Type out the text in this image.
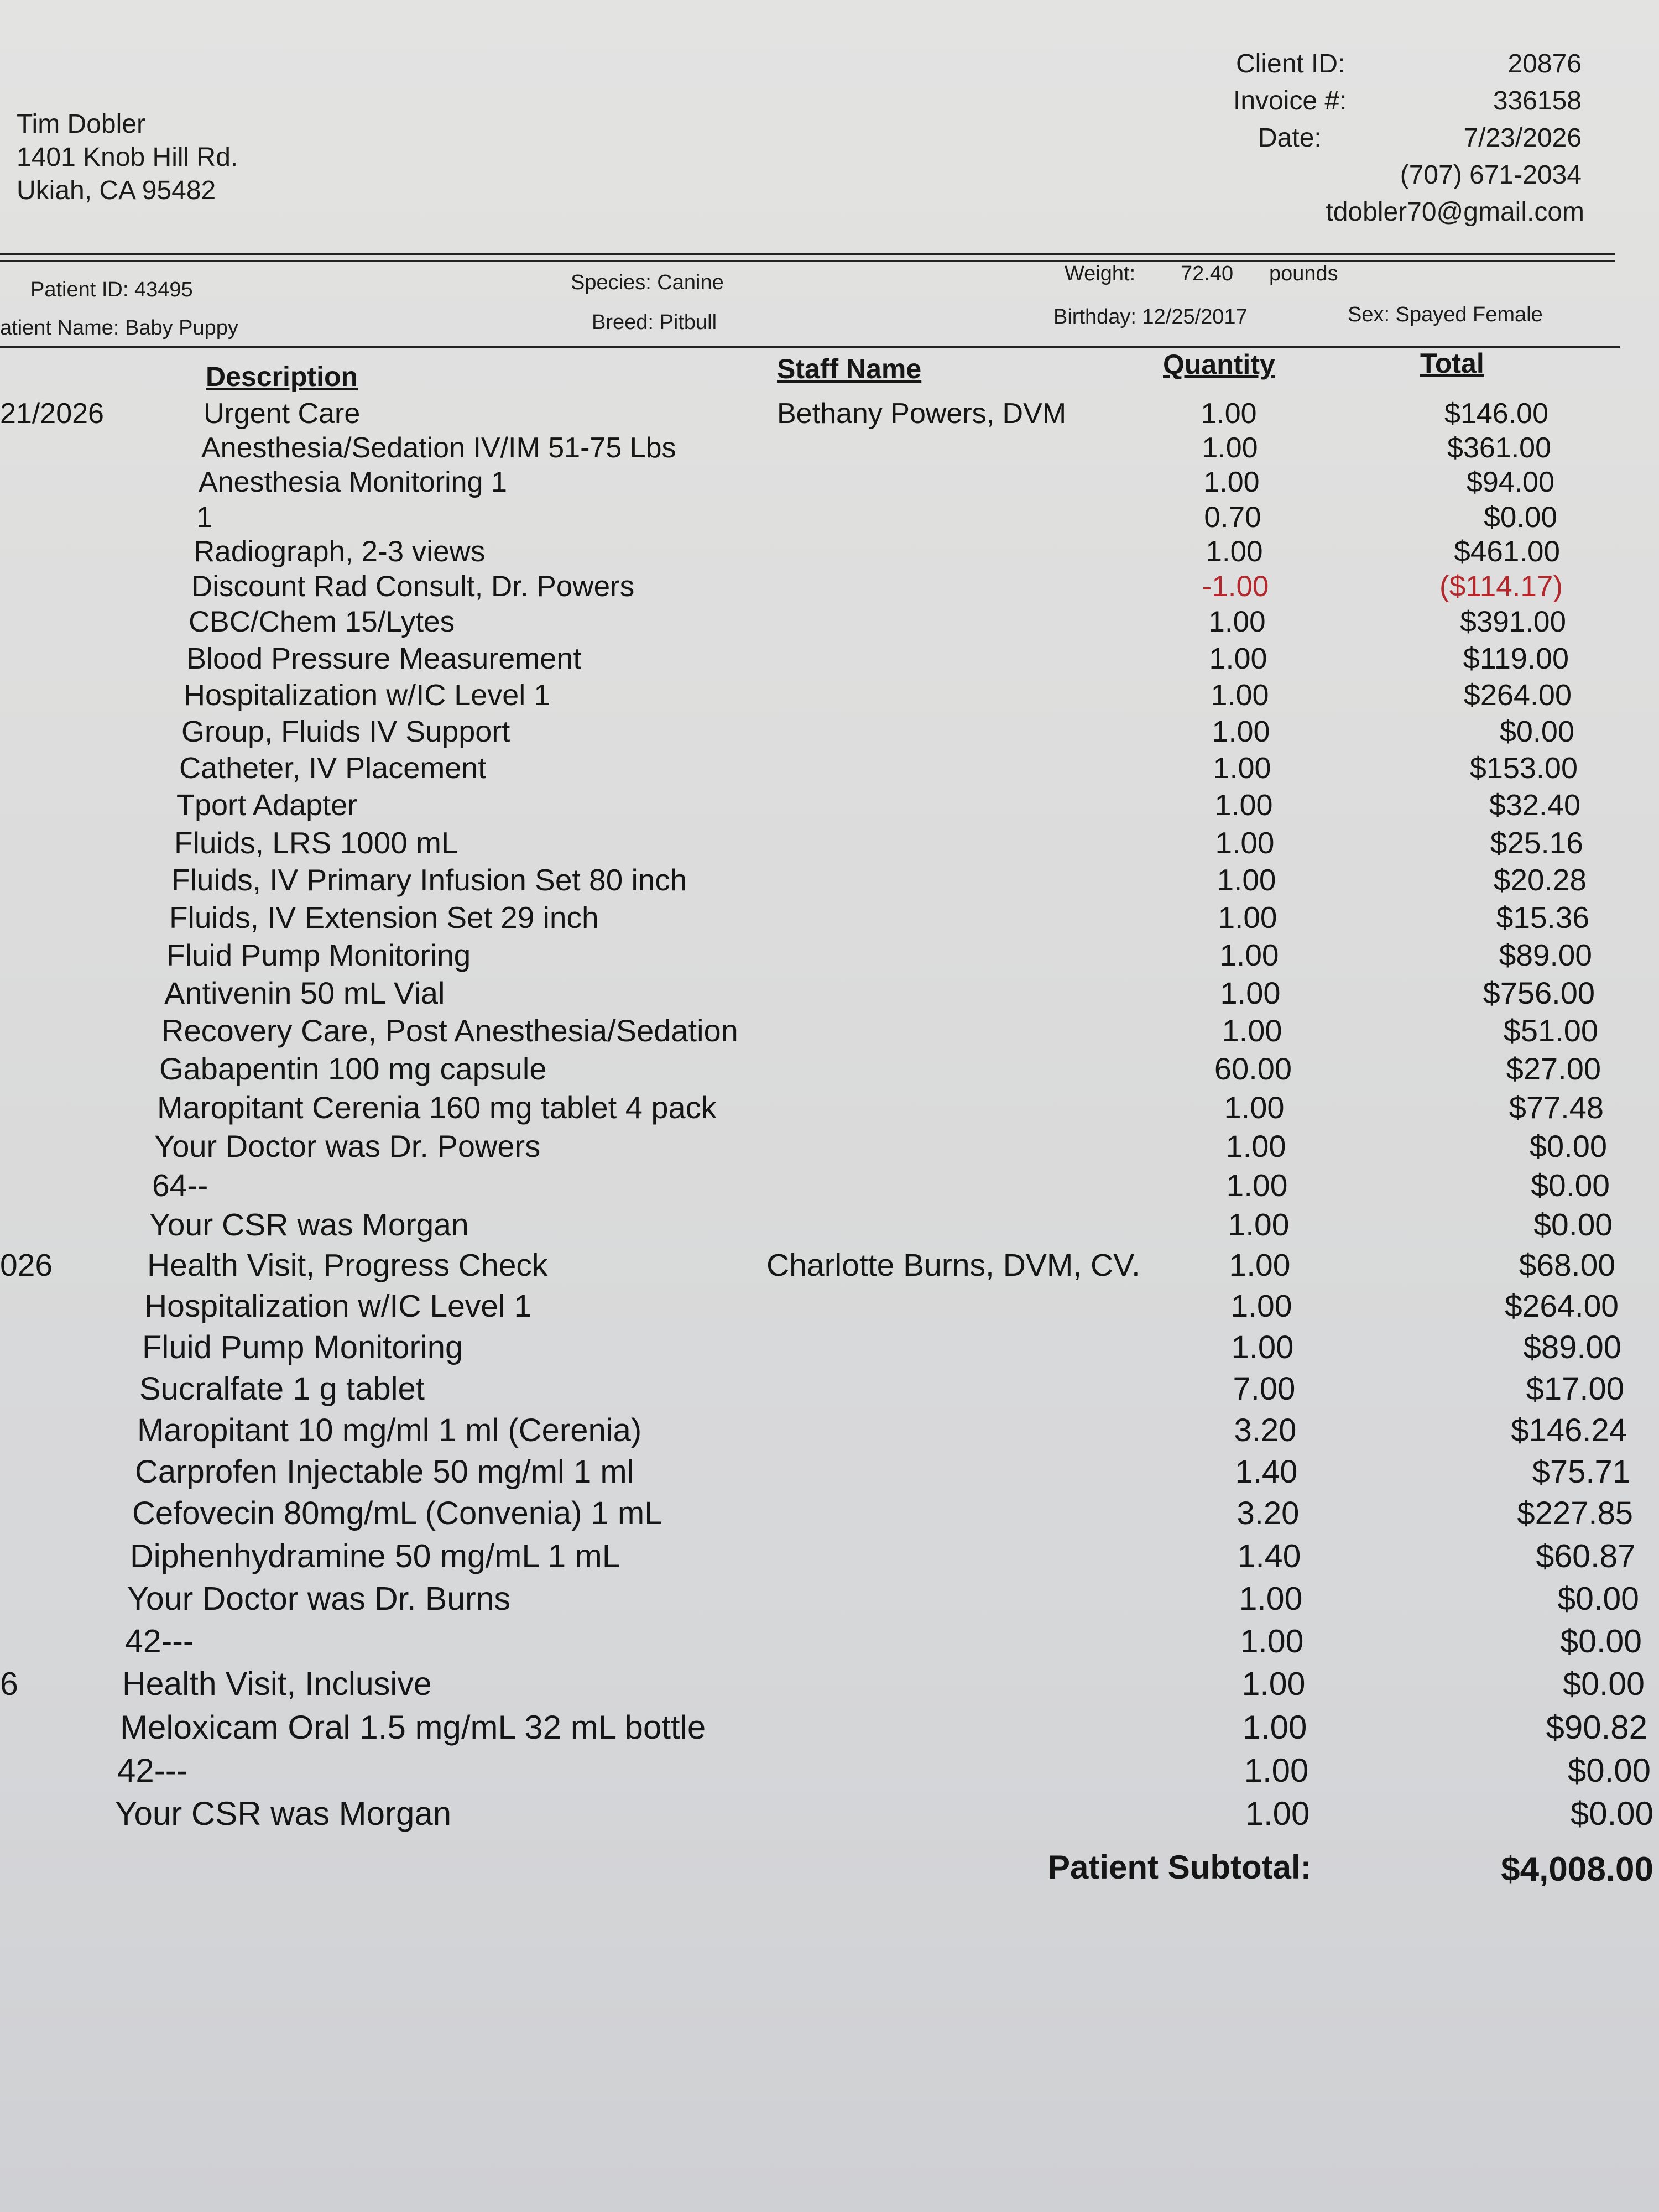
Tim Dobler
1401 Knob Hill Rd.
Ukiah, CA 95482
Client ID:	20876
Invoice #:	336158
Date:	7/23/2026
(707) 671-2034
tdobler70@gmail.com
Patient ID: 43495
atient Name: Baby Puppy
Species: Canine
Breed: Pitbull
Weight: 72.40 pounds
Birthday: 12/25/2017	Sex: Spayed Female
Description	Staff Name	Quantity	Total
21/2026	Urgent Care	Bethany Powers, DVM	1.00	$146.00
Anesthesia/Sedation IV/IM 51-75 Lbs	1.00	$361.00
Anesthesia Monitoring 1	1.00	$94.00
1	0.70	$0.00
Radiograph, 2-3 views	1.00	$461.00
Discount Rad Consult, Dr. Powers	-1.00	($114.17)
CBC/Chem 15/Lytes	1.00	$391.00
Blood Pressure Measurement	1.00	$119.00
Hospitalization w/IC Level 1	1.00	$264.00
Group, Fluids IV Support	1.00	$0.00
Catheter, IV Placement	1.00	$153.00
Tport Adapter	1.00	$32.40
Fluids, LRS 1000 mL	1.00	$25.16
Fluids, IV Primary Infusion Set 80 inch	1.00	$20.28
Fluids, IV Extension Set 29 inch	1.00	$15.36
Fluid Pump Monitoring	1.00	$89.00
Antivenin 50 mL Vial	1.00	$756.00
Recovery Care, Post Anesthesia/Sedation	1.00	$51.00
Gabapentin 100 mg capsule	60.00	$27.00
Maropitant Cerenia 160 mg tablet 4 pack	1.00	$77.48
Your Doctor was Dr. Powers	1.00	$0.00
64--	1.00	$0.00
Your CSR was Morgan	1.00	$0.00
026	Health Visit, Progress Check	Charlotte Burns, DVM, CV.	1.00	$68.00
Hospitalization w/IC Level 1	1.00	$264.00
Fluid Pump Monitoring	1.00	$89.00
Sucralfate 1 g tablet	7.00	$17.00
Maropitant 10 mg/ml 1 ml (Cerenia)	3.20	$146.24
Carprofen Injectable 50 mg/ml 1 ml	1.40	$75.71
Cefovecin 80mg/mL (Convenia) 1 mL	3.20	$227.85
Diphenhydramine 50 mg/mL 1 mL	1.40	$60.87
Your Doctor was Dr. Burns	1.00	$0.00
42---	1.00	$0.00
6	Health Visit, Inclusive	1.00	$0.00
Meloxicam Oral 1.5 mg/mL 32 mL bottle	1.00	$90.82
42---	1.00	$0.00
Your CSR was Morgan	1.00	$0.00
Patient Subtotal:	$4,008.00
